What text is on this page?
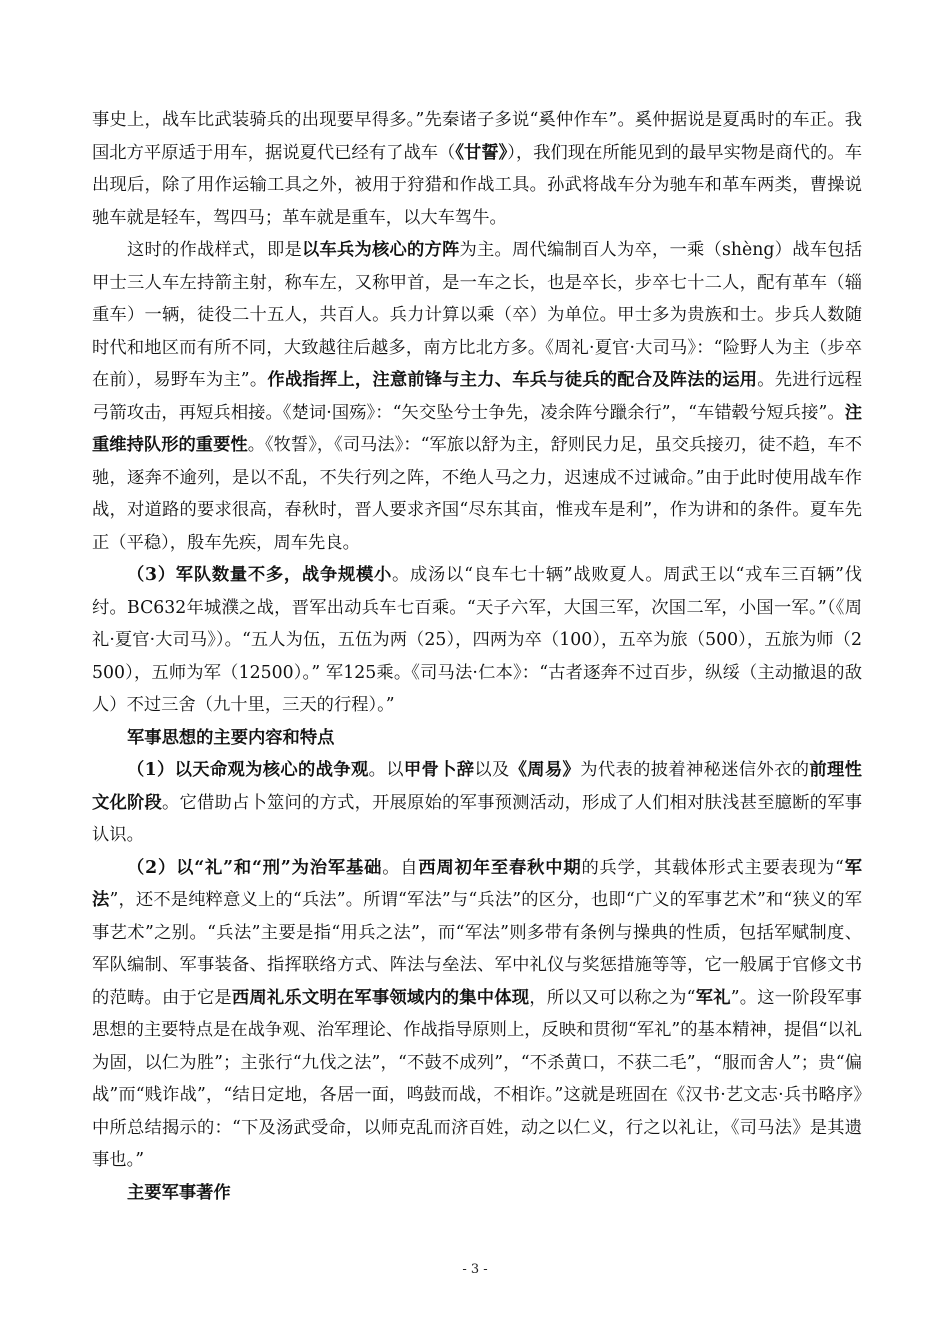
事史上，战车比武装骑兵的出现要早得多。”先秦诸子多说“奚仲作车”。奚仲据说是夏禹时的车正。我国北方平原适于用车，据说夏代已经有了战车（《甘誓》），我们现在所能见到的最早实物是商代的。车出现后，除了用作运输工具之外，被用于狩猎和作战工具。孙武将战车分为驰车和革车两类，曹操说驰车就是轻车，驾四马；革车就是重车，以大车驾牛。

这时的作战样式，即是以车兵为核心的方阵为主。周代编制百人为卒，一乘（shèng）战车包括甲士三人车左持箭主射，称车左，又称甲首，是一车之长，也是卒长，步卒七十二人，配有革车（辎重车）一辆，徒役二十五人，共百人。兵力计算以乘（卒）为单位。甲士多为贵族和士。步兵人数随时代和地区而有所不同，大致越往后越多，南方比北方多。《周礼·夏官·大司马》：“险野人为主（步卒在前），易野车为主”。作战指挥上，注意前锋与主力、车兵与徒兵的配合及阵法的运用。先进行远程弓箭攻击，再短兵相接。《楚词·国殇》：“矢交坠兮士争先，凌余阵兮躐余行”，“车错毂兮短兵接”。注重维持队形的重要性。《牧誓》，《司马法》：“军旅以舒为主，舒则民力足，虽交兵接刃，徒不趋，车不驰，逐奔不逾列，是以不乱，不失行列之阵，不绝人马之力，迟速成不过诫命。”由于此时使用战车作战，对道路的要求很高，春秋时，晋人要求齐国“尽东其亩，惟戎车是利”，作为讲和的条件。夏车先正（平稳），殷车先疾，周车先良。

（3）军队数量不多，战争规模小。成汤以“良车七十辆”战败夏人。周武王以“戎车三百辆”伐纣。BC632年城濮之战，晋军出动兵车七百乘。“天子六军，大国三军，次国二军，小国一军。”（《周礼·夏官·大司马》）。“五人为伍，五伍为两（25），四两为卒（100），五卒为旅（500），五旅为师（2500），五师为军（12500）。” 军125乘。《司马法·仁本》：“古者逐奔不过百步，纵绥（主动撤退的敌人）不过三舍（九十里，三天的行程）。”

军事思想的主要内容和特点

（1）以天命观为核心的战争观。以甲骨卜辞以及《周易》为代表的披着神秘迷信外衣的前理性文化阶段。它借助占卜筮问的方式，开展原始的军事预测活动，形成了人们相对肤浅甚至臆断的军事认识。

（2）以“礼”和“刑”为治军基础。自西周初年至春秋中期的兵学，其载体形式主要表现为“军法”，还不是纯粹意义上的“兵法”。所谓“军法”与“兵法”的区分，也即“广义的军事艺术”和“狭义的军事艺术”之别。“兵法”主要是指“用兵之法”，而“军法”则多带有条例与操典的性质，包括军赋制度、军队编制、军事装备、指挥联络方式、阵法与垒法、军中礼仪与奖惩措施等等，它一般属于官修文书的范畴。由于它是西周礼乐文明在军事领域内的集中体现，所以又可以称之为“军礼”。这一阶段军事思想的主要特点是在战争观、治军理论、作战指导原则上，反映和贯彻“军礼”的基本精神，提倡“以礼为固，以仁为胜”；主张行“九伐之法”，“不鼓不成列”，“不杀黄口，不获二毛”，“服而舍人”；贵“偏战”而“贱诈战”，“结日定地，各居一面，鸣鼓而战，不相诈。”这就是班固在《汉书·艺文志·兵书略序》中所总结揭示的：“下及汤武受命，以师克乱而济百姓，动之以仁义，行之以礼让，《司马法》是其遗事也。”

主要军事著作

- 3 -
